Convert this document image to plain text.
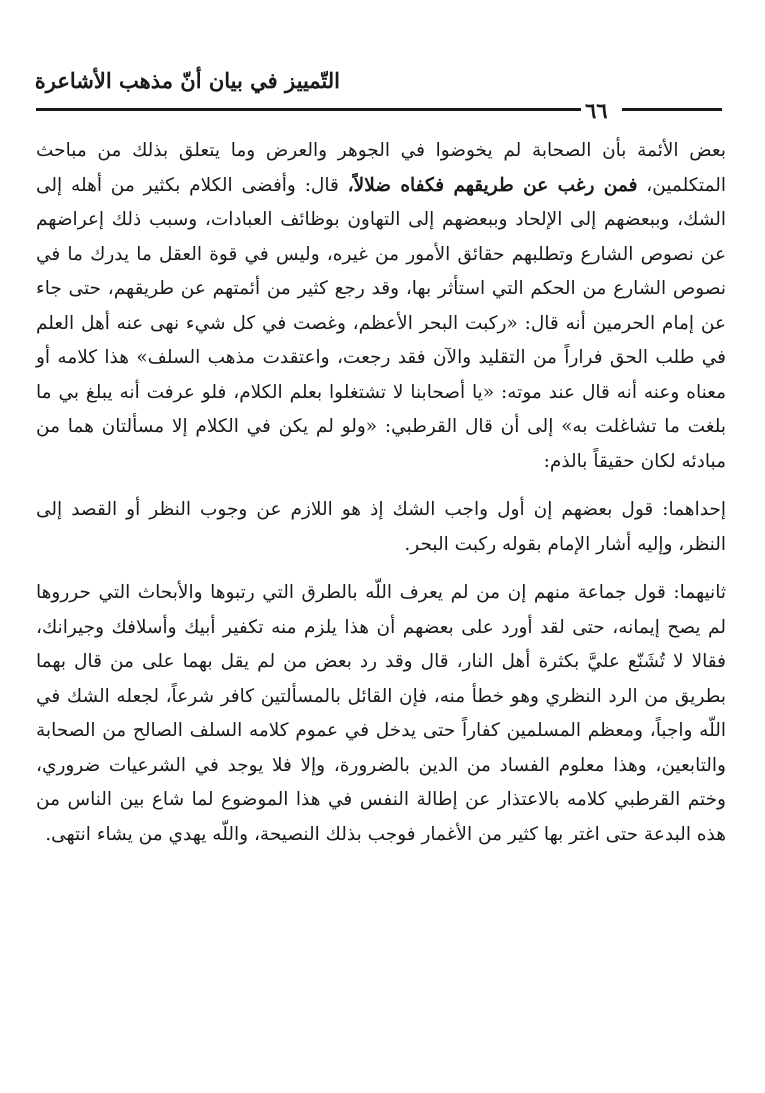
التّمييز في بيان أنّ مذهب الأشاعرة
٦٦

بعض الأئمة بأن الصحابة لم يخوضوا في الجوهر والعرض وما يتعلق بذلك من مباحث المتكلمين، فمن رغب عن طريقهم فكفاه ضلالاً، قال: وأفضى الكلام بكثير من أهله إلى الشك، وببعضهم إلى الإلحاد وببعضهم إلى التهاون بوظائف العبادات، وسبب ذلك إعراضهم عن نصوص الشارع وتطلبهم حقائق الأمور من غيره، وليس في قوة العقل ما يدرك ما في نصوص الشارع من الحكم التي استأثر بها، وقد رجع كثير من أئمتهم عن طريقهم، حتى جاء عن إمام الحرمين أنه قال: «ركبت البحر الأعظم، وغصت في كل شيء نهى عنه أهل العلم في طلب الحق فراراً من التقليد والآن فقد رجعت، واعتقدت مذهب السلف» هذا كلامه أو معناه وعنه أنه قال عند موته: «يا أصحابنا لا تشتغلوا بعلم الكلام، فلو عرفت أنه يبلغ بي ما بلغت ما تشاغلت به» إلى أن قال القرطبي: «ولو لم يكن في الكلام إلا مسألتان هما من مبادئه لكان حقيقاً بالذم:

إحداهما: قول بعضهم إن أول واجب الشك إذ هو اللازم عن وجوب النظر أو القصد إلى النظر، وإليه أشار الإمام بقوله ركبت البحر.

ثانيهما: قول جماعة منهم إن من لم يعرف اللّه بالطرق التي رتبوها والأبحاث التي حرروها لم يصح إيمانه، حتى لقد أورد على بعضهم أن هذا يلزم منه تكفير أبيك وأسلافك وجيرانك، فقالا لا تُشَنّع عليَّ بكثرة أهل النار، قال وقد رد بعض من لم يقل بهما على من قال بهما بطريق من الرد النظري وهو خطأ منه، فإن القائل بالمسألتين كافر شرعاً، لجعله الشك في اللّه واجباً، ومعظم المسلمين كفاراً حتى يدخل في عموم كلامه السلف الصالح من الصحابة والتابعين، وهذا معلوم الفساد من الدين بالضرورة، وإلا فلا يوجد في الشرعيات ضروري، وختم القرطبي كلامه بالاعتذار عن إطالة النفس في هذا الموضوع لما شاع بين الناس من هذه البدعة حتى اغتر بها كثير من الأغمار فوجب بذلك النصيحة، واللّه يهدي من يشاء انتهى.
